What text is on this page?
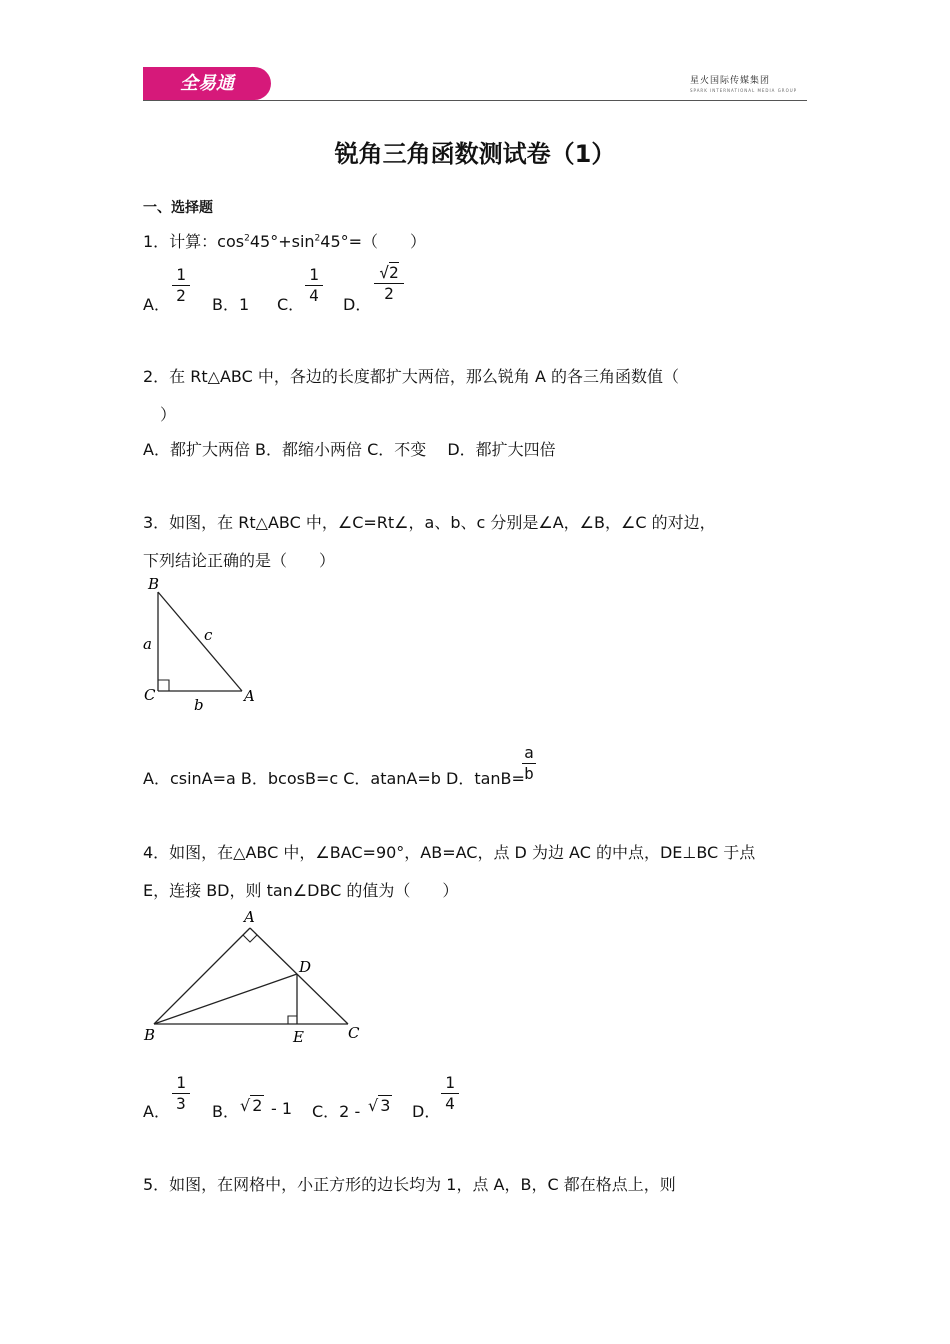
全易通	星火国际传媒集团
SPARK INTERNATIONAL MEDIA GROUP
锐角三角函数测试卷（1）
一、选择题
1．计算：$\cos^245^\circ+\sin^245^\circ=$（　　）
A．
1
2 B．1 C．
1
4 D．
√2
2
2．在 Rt△ABC 中，各边的长度都扩大两倍，那么锐角 A 的各三角函数值（
）
A．都扩大两倍 B．都缩小两倍 C．不变　 D．都扩大四倍
3．如图，在 Rt△ABC 中，∠C=Rt∠，a、b、c 分别是∠A，∠B，∠C 的对边，
下列结论正确的是（　　）
B
C	A
a
b
c
A．csinA=a B．bcosB=c C．atanA=b D．tanB=
a
b
4．如图，在△ABC 中，∠BAC=90°，AB=AC，点 D 为边 AC 的中点，DE⊥BC 于点
E，连接 BD，则 tan∠DBC 的值为（　　）
A
B	C
D
E
A．
1
3 B． √ 2 - 1 C．2 - √ 3 D．
1
4
5．如图，在网格中，小正方形的边长均为 1，点 A，B，C 都在格点上，则
